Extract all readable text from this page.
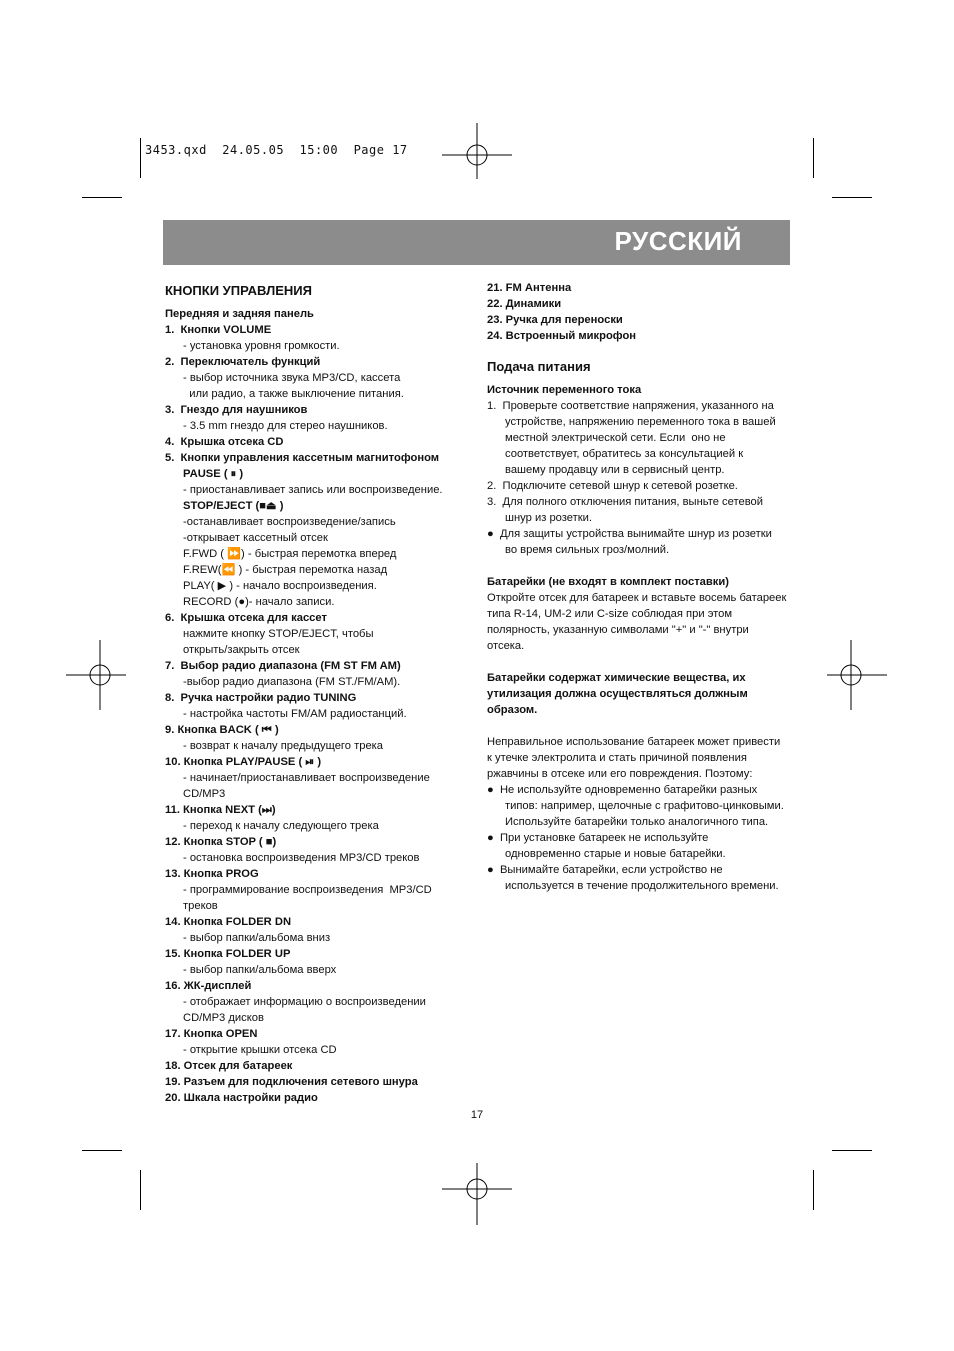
3453.qxd  24.05.05  15:00  Page 17
РУССКИЙ
КНОПКИ УПРАВЛЕНИЯ
Передняя и задняя панель
1.  Кнопки VOLUME
- установка уровня громкости.
2.  Переключатель функций
- выбор источника звука MP3/CD, кассета
или радио, а также выключение питания.
3.  Гнездо для наушников
- 3.5 mm гнездо для стерео наушников.
4.  Крышка отсека CD
5.  Кнопки управления кассетным магнитофоном
PAUSE ( ⏸ )
- приостанавливает запись или воспроизведение.
STOP/EJECT (■⏏ )
-останавливает воспроизведение/запись
-открывает кассетный отсек
F.FWD ( ⏩) - быстрая перемотка вперед
F.REW(⏪ ) - быстрая перемотка назад
PLAY( ▶ ) - начало воспроизведения.
RECORD (●)- начало записи.
6.  Крышка отсека для кассет
нажмите кнопку STOP/EJECT, чтобы
открыть/закрыть отсек
7.  Выбор радио диапазона (FM ST FM AM)
-выбор радио диапазона (FM ST./FM/AM).
8.  Ручка настройки радио TUNING
- настройка частоты FM/AM радиостанций.
9. Кнопка BACK ( ⏮ )
- возврат к началу предыдущего трека
10. Кнопка PLAY/PAUSE ( ⏯ )
- начинает/приостанавливает воспроизведение
CD/MP3
11. Кнопка NEXT (⏭)
- переход к началу следующего трека
12. Кнопка STOP ( ■)
- остановка воспроизведения MP3/CD треков
13. Кнопка PROG
- программирование воспроизведения  MP3/CD
треков
14. Кнопка FOLDER DN
- выбор папки/альбома вниз
15. Кнопка FOLDER UP
- выбор папки/альбома вверх
16. ЖК-дисплей
- отображает информацию о воспроизведении
CD/MP3 дисков
17. Кнопка OPEN
- открытие крышки отсека CD
18. Отсек для батареек
19. Разъем для подключения сетевого шнура
20. Шкала настройки радио
21. FM Антенна
22. Динамики
23. Ручка для переноски
24. Встроенный микрофон
Подача питания
Источник переменного тока
1.  Проверьте соответствие напряжения, указанного на
устройстве, напряжению переменного тока в вашей
местной электрической сети. Если  оно не
соответствует, обратитесь за консультацией к
вашему продавцу или в сервисный центр.
2.  Подключите сетевой шнур к сетевой розетке.
3.  Для полного отключения питания, выньте сетевой
шнур из розетки.
●  Для защиты устройства вынимайте шнур из розетки
во время сильных гроз/молний.
Батарейки (не входят в комплект поставки)
Откройте отсек для батареек и вставьте восемь батареек
типа R-14, UM-2 или C-size соблюдая при этом
полярность, указанную символами "+" и "-" внутри
отсека.
Батарейки содержат химические вещества, их
утилизация должна осуществляться должным
образом.
Неправильное использование батареек может привести
к утечке электролита и стать причиной появления
ржавчины в отсеке или его повреждения. Поэтому:
●  Не используйте одновременно батарейки разных
типов: например, щелочные с графитово-цинковыми.
Используйте батарейки только аналогичного типа.
●  При установке батареек не используйте
одновременно старые и новые батарейки.
●  Вынимайте батарейки, если устройство не
используется в течение продолжительного времени.
17
